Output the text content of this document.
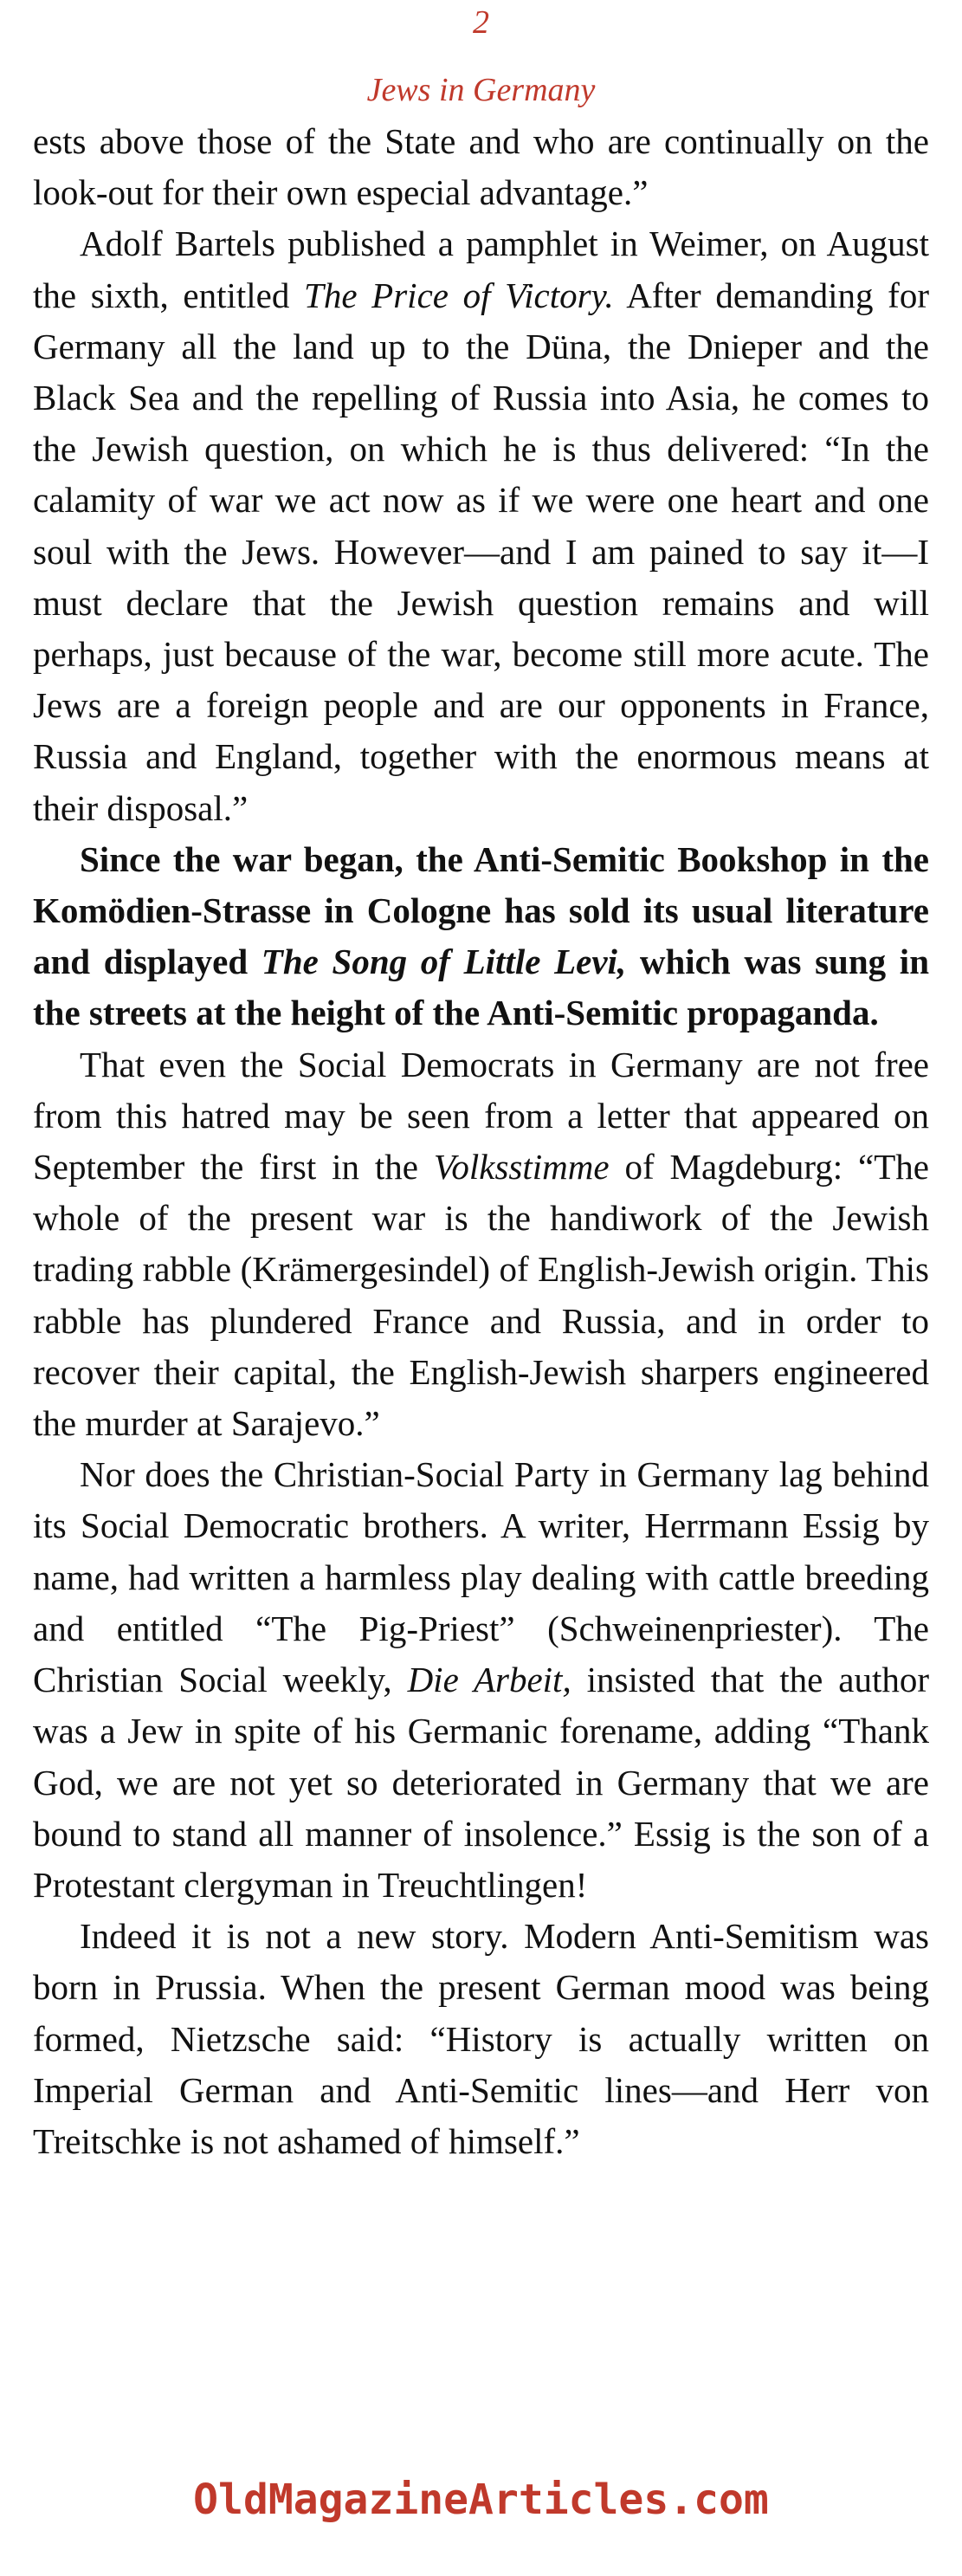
2
Jews in Germany

ests above those of the State and who are continually on the look-out for their own especial advantage.”

Adolf Bartels published a pamphlet in Weimer, on August the sixth, entitled The Price of Victory. After demanding for Germany all the land up to the Düna, the Dnieper and the Black Sea and the repelling of Russia into Asia, he comes to the Jewish question, on which he is thus delivered: “In the calamity of war we act now as if we were one heart and one soul with the Jews. However—and I am pained to say it—I must declare that the Jewish question remains and will perhaps, just because of the war, become still more acute. The Jews are a foreign people and are our opponents in France, Russia and England, together with the enormous means at their disposal.”

Since the war began, the Anti-Semitic Bookshop in the Komödien-Strasse in Cologne has sold its usual literature and displayed The Song of Little Levi, which was sung in the streets at the height of the Anti-Semitic propaganda.

That even the Social Democrats in Germany are not free from this hatred may be seen from a letter that appeared on September the first in the Volksstimme of Magdeburg: “The whole of the present war is the handiwork of the Jewish trading rabble (Krämergesindel) of English-Jewish origin. This rabble has plundered France and Russia, and in order to recover their capital, the English-Jewish sharpers engineered the murder at Sarajevo.”

Nor does the Christian-Social Party in Germany lag behind its Social Democratic brothers. A writer, Herrmann Essig by name, had written a harmless play dealing with cattle breeding and entitled “The Pig-Priest” (Schweinenpriester). The Christian Social weekly, Die Arbeit, insisted that the author was a Jew in spite of his Germanic forename, adding “Thank God, we are not yet so deteriorated in Germany that we are bound to stand all manner of insolence.” Essig is the son of a Protestant clergyman in Treuchtlingen!

Indeed it is not a new story. Modern Anti-Semitism was born in Prussia. When the present German mood was being formed, Nietzsche said: “History is actually written on Imperial German and Anti-Semitic lines—and Herr von Treitschke is not ashamed of himself.”

OldMagazineArticles.com
